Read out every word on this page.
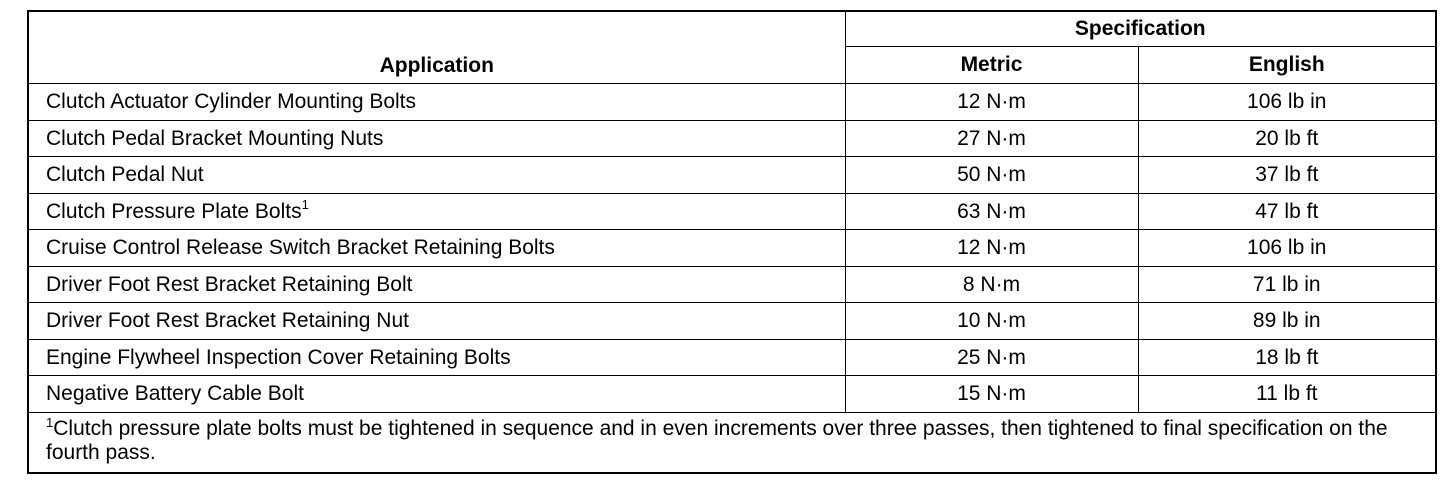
Application	Specification	
	Metric	English
Clutch Actuator Cylinder Mounting Bolts	12 N·m	106 lb in
Clutch Pedal Bracket Mounting Nuts	27 N·m	20 lb ft
Clutch Pedal Nut	50 N·m	37 lb ft
Clutch Pressure Plate Bolts$^1$	63 N·m	47 lb ft
Cruise Control Release Switch Bracket Retaining Bolts	12 N·m	106 lb in
Driver Foot Rest Bracket Retaining Bolt	8 N·m	71 lb in
Driver Foot Rest Bracket Retaining Nut	10 N·m	89 lb in
Engine Flywheel Inspection Cover Retaining Bolts	25 N·m	18 lb ft
Negative Battery Cable Bolt	15 N·m	11 lb ft
$^1$Clutch pressure plate bolts must be tightened in sequence and in even increments over three passes, then tightened to final specification on the fourth pass.		
